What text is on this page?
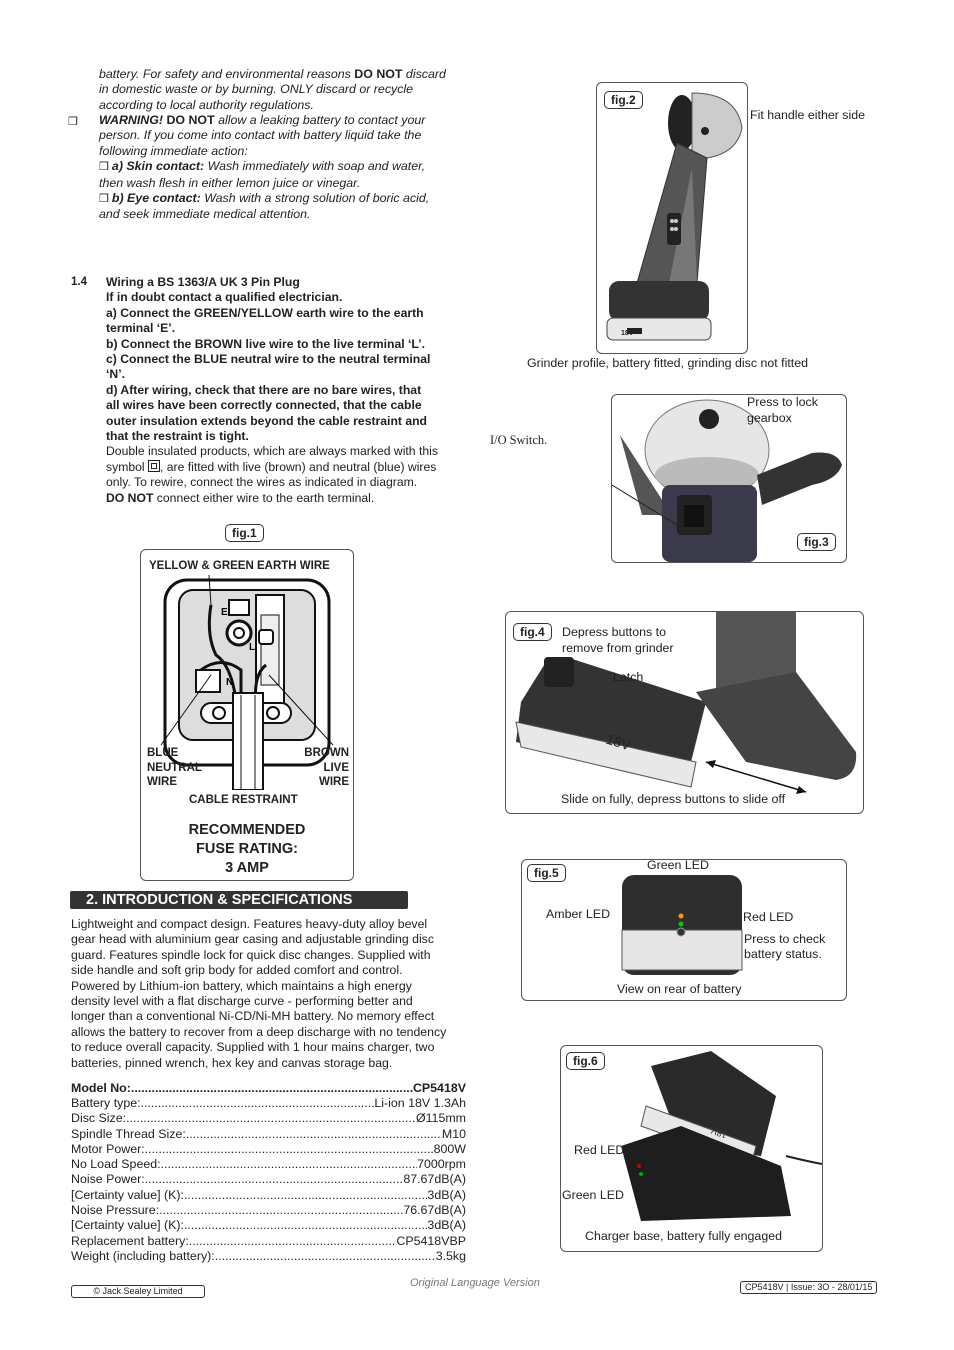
battery. For safety and environmental reasons DO NOT discard
in domestic waste or by burning. ONLY discard or recycle
according to local authority regulations.
❒ WARNING! DO NOT allow a leaking battery to contact your
person. If you come into contact with battery liquid take the
following immediate action:
❒ a) Skin contact: Wash immediately with soap and water,
then wash flesh in either lemon juice or vinegar.
❒ b) Eye contact: Wash with a strong solution of boric acid,
and seek immediate medical attention.
1.4 Wiring a BS 1363/A UK 3 Pin Plug
If in doubt contact a qualified electrician.
a) Connect the GREEN/YELLOW earth wire to the earth
terminal ‘E’.
b) Connect the BROWN live wire to the live terminal ‘L’.
c) Connect the BLUE neutral wire to the neutral terminal
‘N’.
d) After wiring, check that there are no bare wires, that
all wires have been correctly connected, that the cable
outer insulation extends beyond the cable restraint and
that the restraint is tight.
Double insulated products, which are always marked with this
symbol
, are fitted with live (brown) and neutral (blue) wires
only. To rewire, connect the wires as indicated in diagram.
DO NOT connect either wire to the earth terminal.
fig.1
YELLOW & GREEN EARTH WIRE
E
L
N
BLUE
NEUTRAL
WIRE
BROWN
LIVE
WIRE
CABLE RESTRAINT
RECOMMENDED
FUSE RATING:
3 AMP
2. INTRODUCTION & SPECIFICATIONS
Lightweight and compact design. Features heavy-duty alloy bevel
gear head with aluminium gear casing and adjustable grinding disc
guard. Features spindle lock for quick disc changes. Supplied with
side handle and soft grip body for added comfort and control.
Powered by Lithium-ion battery, which maintains a high energy
density level with a flat discharge curve - performing better and
longer than a conventional Ni-CD/Ni-MH battery. No memory effect
allows the battery to recover from a deep discharge with no tendency
to reduce overall capacity. Supplied with 1 hour mains charger, two
batteries, pinned wrench, hex key and canvas storage bag.
Model No: .....	CP5418V
Battery type: .....	Li-ion 18V 1.3Ah
Disc Size: .....	Ø115mm
Spindle Thread Size: .....	M10
Motor Power: .....	800W
No Load Speed: .....	7000rpm
Noise Power: .....	87.67dB(A)
[Certainty value] (K): .....	3dB(A)
Noise Pressure: .....	76.67dB(A)
[Certainty value] (K): .....	3dB(A)
Replacement battery: .....	CP5418VBP
Weight (including battery): .....	3.5kg
fig.2
18V
Fit handle either side
Grinder profile, battery fitted, grinding disc not fitted
fig.3
Press to lock
gearbox
I/O Switch.
fig.4
18V
Depress buttons to
remove from grinder
Latch
Slide on fully, depress buttons to slide off
fig.5
Green LED
Amber LED	Red LED
Press to check
battery status.
View on rear of battery
fig.6
18V
Red LED
Green LED
Charger base, battery fully engaged
© Jack Sealey Limited
Original Language Version	CP5418V | Issue: 3O - 28/01/15
